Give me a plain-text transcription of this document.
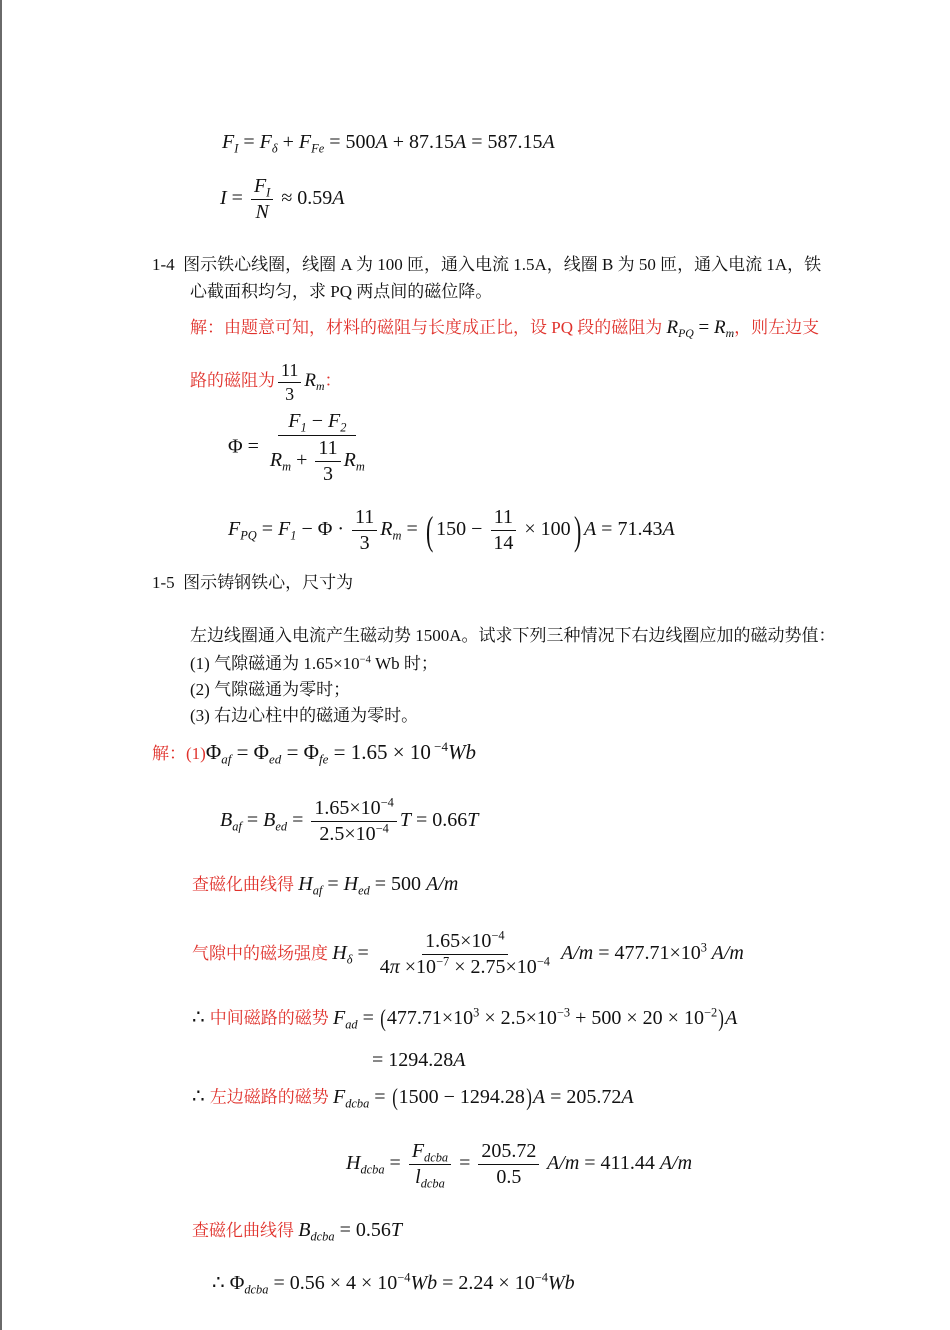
$F_I = F_\delta + F_{Fe} = 500A + 87.15A = 587.15A$
$I = \frac{F_I}{N} \approx 0.59A$
1-4 图示铁心线圈，线圈 A 为 100 匝，通入电流 1.5A，线圈 B 为 50 匝，通入电流 1A，铁
心截面积均匀，求 PQ 两点间的磁位降。
解：由题意可知，材料的磁阻与长度成正比，设 PQ 段的磁阻为 $R_{PQ} = R_m$，则左边支
路的磁阻为 $\frac{11}{3} R_m$：
$\Phi = \frac{F_1 - F_2}{R_m + \frac{11}{3} R_m}$
$F_{PQ} = F_1 - \Phi \cdot \frac{11}{3} R_m$ = ( $150 - \frac{11}{14} \times 100$) A = 71.43A
1-5 图示铸钢铁心，尺寸为
左边线圈通入电流产生磁动势 1500A。试求下列三种情况下右边线圈应加的磁动势值：
(1) 气隙磁通为 $1.65\times 10^{-4}$ Wb 时；
(2) 气隙磁通为零时；
(3) 右边心柱中的磁通为零时。
解：$(1)\Phi_{af} = \Phi_{ed} = \Phi_{fe} = 1.65 \times 10$ $^{-4}$Wb
$B_{af} = B_{ed} = \frac{1.65\times 10^{-4}}{2.5\times 10^{-4}}$ T = 0.66T
查磁化曲线得 $H_{af} = H_{ed} = 500$ A/m
气隙中的磁场强度 $H_\delta = \frac{1.65\times 10^{-4}}{4\pi \times 10^{-7} \times 2.75\times 10^{-4}} A/m = 477.71\times 10^3$ A/m
∴ 中间磁路的磁势 $F_{ad} = (477.71\times 10^3 \times 2.5\times 10^{-3} + 500 \times 20 \times 10^{-2})A$
= 1294.28A
∴ 左边磁路的磁势 $F_{dcba} = (1500 - 1294.28)A = 205.72A$
$H_{dcba} = \frac{F_{dcba}}{l_{dcba}} = \frac{205.72}{0.5} A/m = 411.44$ A/m
查磁化曲线得 $B_{dcba} = 0.56T$
∴ $\Phi_{dcba} = 0.56 \times 4 \times 10^{-4}Wb = 2.24 \times 10^{-4}Wb$
